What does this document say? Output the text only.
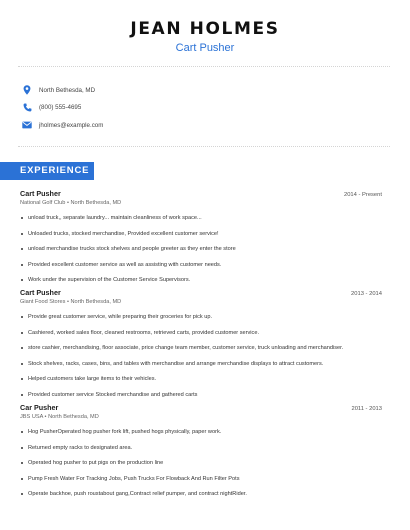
JEAN HOLMES
Cart Pusher
North Bethesda, MD
(800) 555-4695
jholmes@example.com
EXPERIENCE
Cart Pusher	2014 - Present
National Golf Club • North Bethesda, MD
unload truck,, separate laundry... maintain cleanliness of work space...
Unloaded trucks, stocked merchandise, Provided excellent customer service!
unload merchandise trucks stock shelves and people greeter as they enter the store
Provided excellent customer service as well as assisting with customer needs.
Work under the supervision of the Customer Service Supervisors.
Cart Pusher	2013 - 2014
Giant Food Stores • North Bethesda, MD
Provide great customer service, while preparing their groceries for pick up.
Cashiered, worked sales floor, cleaned restrooms, retrieved carts, provided customer service.
store cashier, merchandising, floor associate, price change team member, customer service, truck unloading and merchandiser.
Stock shelves, racks, cases, bins, and tables with merchandise and arrange merchandise displays to attract customers.
Helped customers take large items to their vehicles.
Provided customer service Stocked merchandise and gathered carts
Car Pusher	2011 - 2013
JBS USA • North Bethesda, MD
Hog PusherOperated hog pusher fork lift, pushed hogs physically, paper work.
Returned empty racks to designated area.
Operated hog pusher to put pigs on the production line
Pump Fresh Water For Tracking Jobs, Push Trucks For Flowback And Run Filter Pots
Operate backhoe, push roustabout gang,Contract relief pumper, and contract nightRider.
